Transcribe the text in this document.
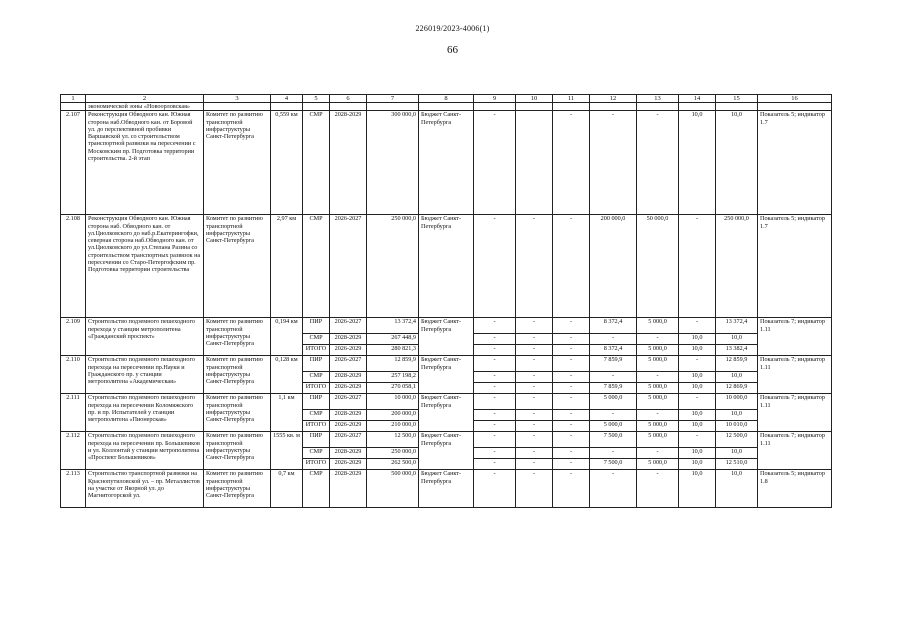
226019/2023-4006(1)
66
1	2	3	4	5	6	7	8	9	10	11	12	13	14	15	16
	экономической зоны «Новоорловская»														
2.107	Реконструкция Обводного кан. Южная сторона наб.Обводного кан. от Боровой ул. до перспективной пробивки Варшавской ул. со строительством транспортной развязки на пересечении с Московским пр. Подготовка территории строительства. 2-й этап	Комитет по развитию транспортной инфраструктуры Санкт-Петербурга	0,559 км	СМР	2028-2029	300 000,0	Бюджет Санкт-Петербурга	-		-	-	-	10,0	10,0	Показатель 5; индикатор 1.7
2.108	Реконструкция Обводного кан. Южная сторона наб. Обводного кан. от ул.Циолковского до наб.р.Екатерингофки, северная сторона наб.Обводного кан. от ул.Циолковского до ул.Степана Разина со строительством транспортных развязок на пересечении со Старо-Петергофским пр. Подготовка территории строительства	Комитет по развитию транспортной инфраструктуры Санкт-Петербурга	2,97 км	СМР	2026-2027	250 000,0	Бюджет Санкт-Петербурга	-	-	-	200 000,0	50 000,0	-	250 000,0	Показатель 5; индикатор 1.7
2.109	Строительство подземного пешеходного перехода у станции метрополитена «Гражданский проспект»	Комитет по развитию транспортной инфраструктуры Санкт-Петербурга	0,194 км	ПИР	2026-2027	13 372,4	Бюджет Санкт-Петербурга	-	-	-	8 372,4	5 000,0	-	13 372,4	Показатель 7; индикатор 1.11
				СМР	2028-2029	267 448,9		-	-	-	-	-	10,0	10,0	
				ИТОГО	2026-2029	280 821,3		-	-	-	8 372,4	5 000,0	10,0	13 382,4	
2.110	Строительство подземного пешеходного перехода на пересечении пр.Науки и Гражданского пр. у станции метрополитена «Академическая»	Комитет по развитию транспортной инфраструктуры Санкт-Петербурга	0,128 км	ПИР	2026-2027	12 859,9	Бюджет Санкт-Петербурга	-	-	-	7 859,9	5 000,0	-	12 859,9	Показатель 7; индикатор 1.11
				СМР	2028-2029	257 198,2		-	-	-	-	-	10,0	10,0	
				ИТОГО	2026-2029	270 058,1		-	-	-	7 859,9	5 000,0	10,0	12 869,9	
2.111	Строительство подземного пешеходного перехода на пересечении Коломяжского пр. и пр. Испытателей у станции метрополитена «Пионерская»	Комитет по развитию транспортной инфраструктуры Санкт-Петербурга	1,1 км	ПИР	2026-2027	10 000,0	Бюджет Санкт-Петербурга	-	-	-	5 000,0	5 000,0	-	10 000,0	Показатель 7; индикатор 1.11
				СМР	2028-2029	200 000,0		-	-	-	-	-	10,0	10,0	
				ИТОГО	2026-2029	210 000,0		-	-	-	5 000,0	5 000,0	10,0	10 010,0	
2.112	Строительство подземного пешеходного перехода на пересечении пр. Большевиков и ул. Коллонтай у станции метрополитена «Проспект Большевиков»	Комитет по развитию транспортной инфраструктуры Санкт-Петербурга	1555 кв. м	ПИР	2026-2027	12 500,0	Бюджет Санкт-Петербурга	-	-	-	7 500,0	5 000,0	-	12 500,0	Показатель 7; индикатор 1.11
				СМР	2028-2029	250 000,0		-	-	-	-	-	10,0	10,0	
				ИТОГО	2026-2029	262 500,0		-	-	-	7 500,0	5 000,0	10,0	12 510,0	
2.113	Строительство транспортной развязки на Краснопутиловской ул. – пр. Металлистов на участке от Якорной ул. до Магнитогорской ул.	Комитет по развитию транспортной инфраструктуры Санкт-Петербурга	0,7 км	СМР	2028-2029	500 000,0	Бюджет Санкт-Петербурга	-	-	-	-	-	10,0	10,0	Показатель 5; индикатор 1.8
